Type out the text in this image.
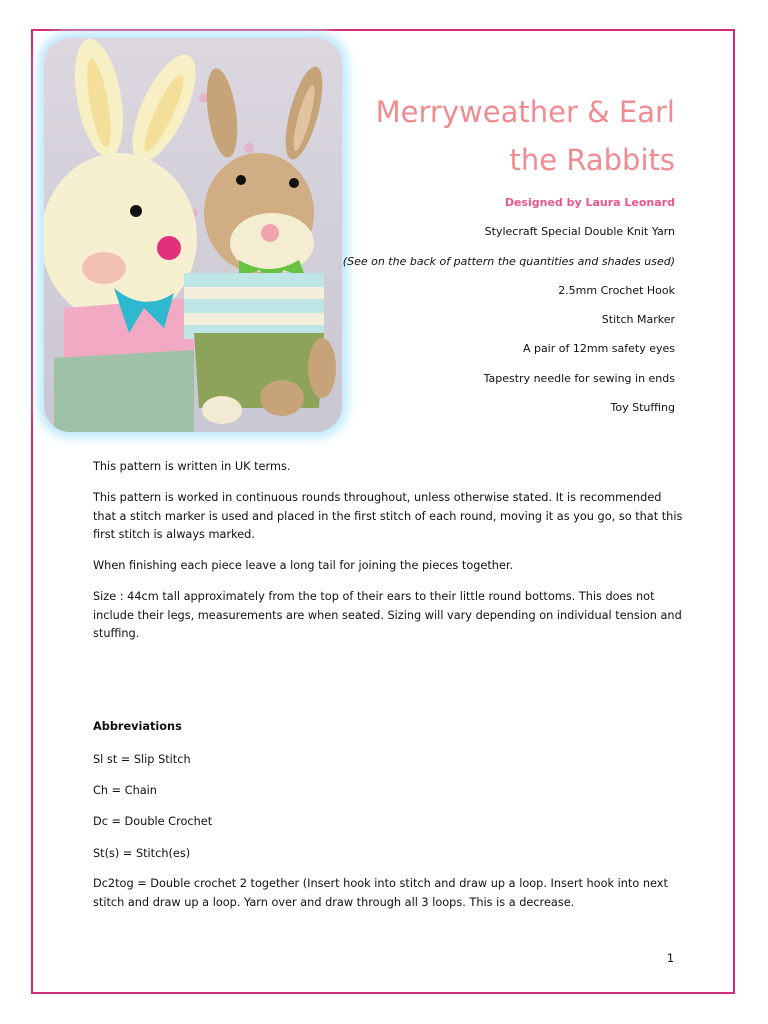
Merryweather & Earl
the Rabbits
Designed by Laura Leonard
Stylecraft Special Double Knit Yarn
(See on the back of pattern the quantities and shades used)
2.5mm Crochet Hook
Stitch Marker
A pair of 12mm safety eyes
Tapestry needle for sewing in ends
Toy Stuffing

This pattern is written in UK terms.

This pattern is worked in continuous rounds throughout, unless otherwise stated. It is recommended that a stitch marker is used and placed in the first stitch of each round, moving it as you go, so that this first stitch is always marked.

When finishing each piece leave a long tail for joining the pieces together.

Size : 44cm tall approximately from the top of their ears to their little round bottoms. This does not include their legs, measurements are when seated. Sizing will vary depending on individual tension and stuffing.

Abbreviations
Sl st = Slip Stitch
Ch = Chain
Dc = Double Crochet
St(s) = Stitch(es)
Dc2tog = Double crochet 2 together (Insert hook into stitch and draw up a loop. Insert hook into next stitch and draw up a loop. Yarn over and draw through all 3 loops. This is a decrease.
1
